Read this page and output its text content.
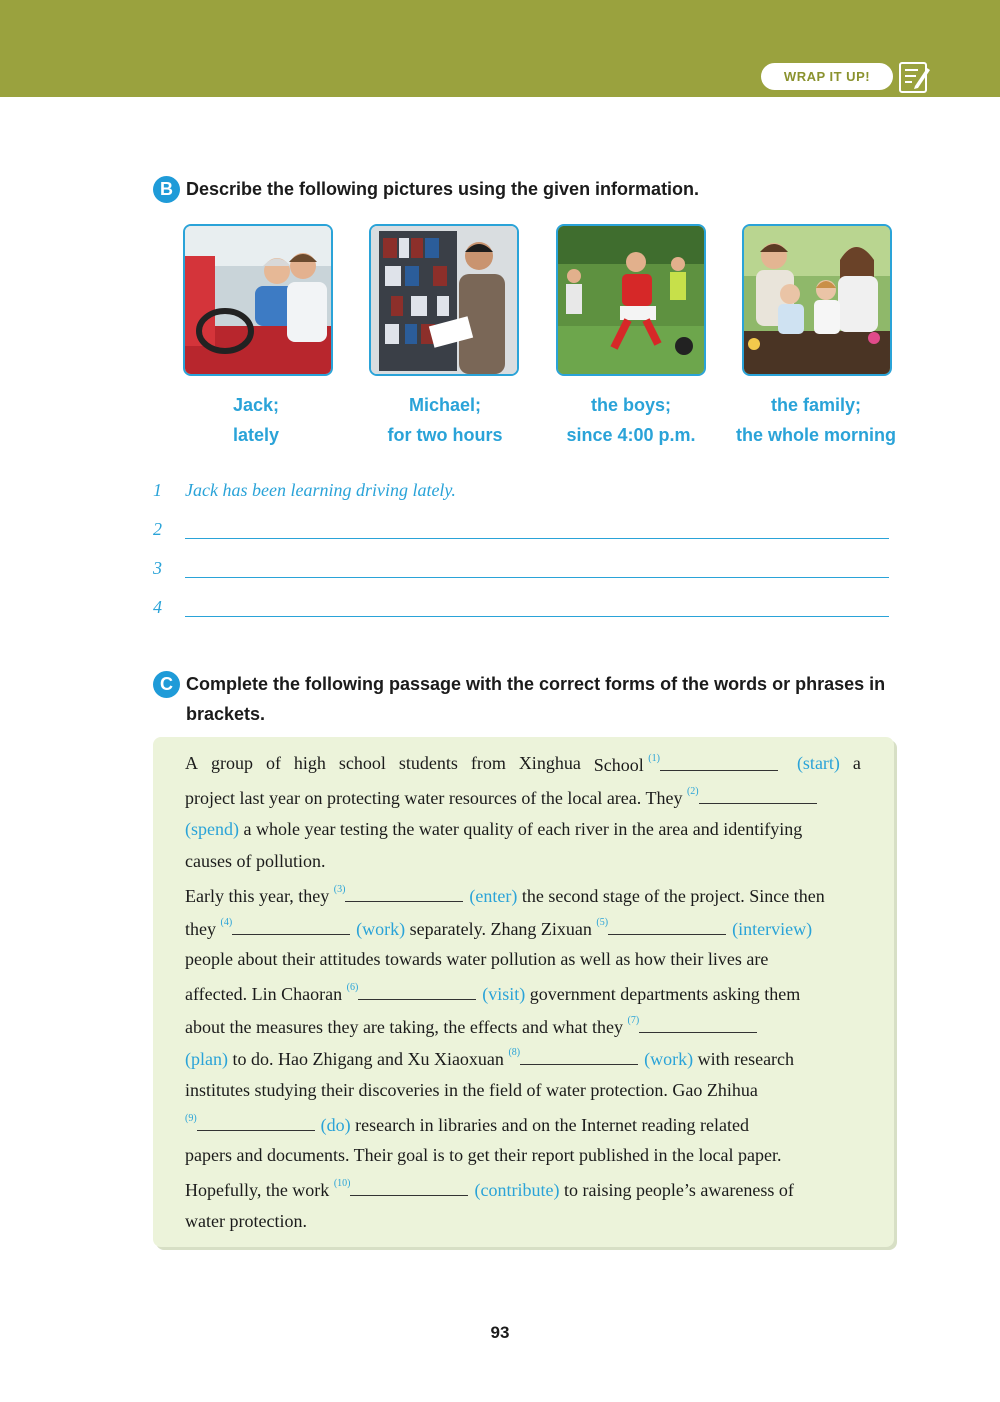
WRAP IT UP!
B Describe the following pictures using the given information.
Jack;
lately
Michael;
for two hours
the boys;
since 4:00 p.m.
the family;
the whole morning
1 Jack has been learning driving lately.
2
3
4
C Complete the following passage with the correct forms of the words or phrases in brackets.
A group of high school students from Xinghua School $^{(1)}$	(start) a
project last year on protecting water resources of the local area. They $^{(2)}$
(spend) a whole year testing the water quality of each river in the area and identifying
causes of pollution.
Early this year, they $^{(3)}$	(enter) the second stage of the project. Since then
they $^{(4)}$	(work) separately. Zhang Zixuan $^{(5)}$	(interview)
people about their attitudes towards water pollution as well as how their lives are
affected. Lin Chaoran $^{(6)}$	(visit) government departments asking them
about the measures they are taking, the effects and what they $^{(7)}$
(plan) to do. Hao Zhigang and Xu Xiaoxuan $^{(8)}$	(work) with research
institutes studying their discoveries in the field of water protection. Gao Zhihua
$^{(9)}$	(do) research in libraries and on the Internet reading related
papers and documents. Their goal is to get their report published in the local paper.
Hopefully, the work $^{(10)}$	(contribute) to raising people’s awareness of
water protection.
93
